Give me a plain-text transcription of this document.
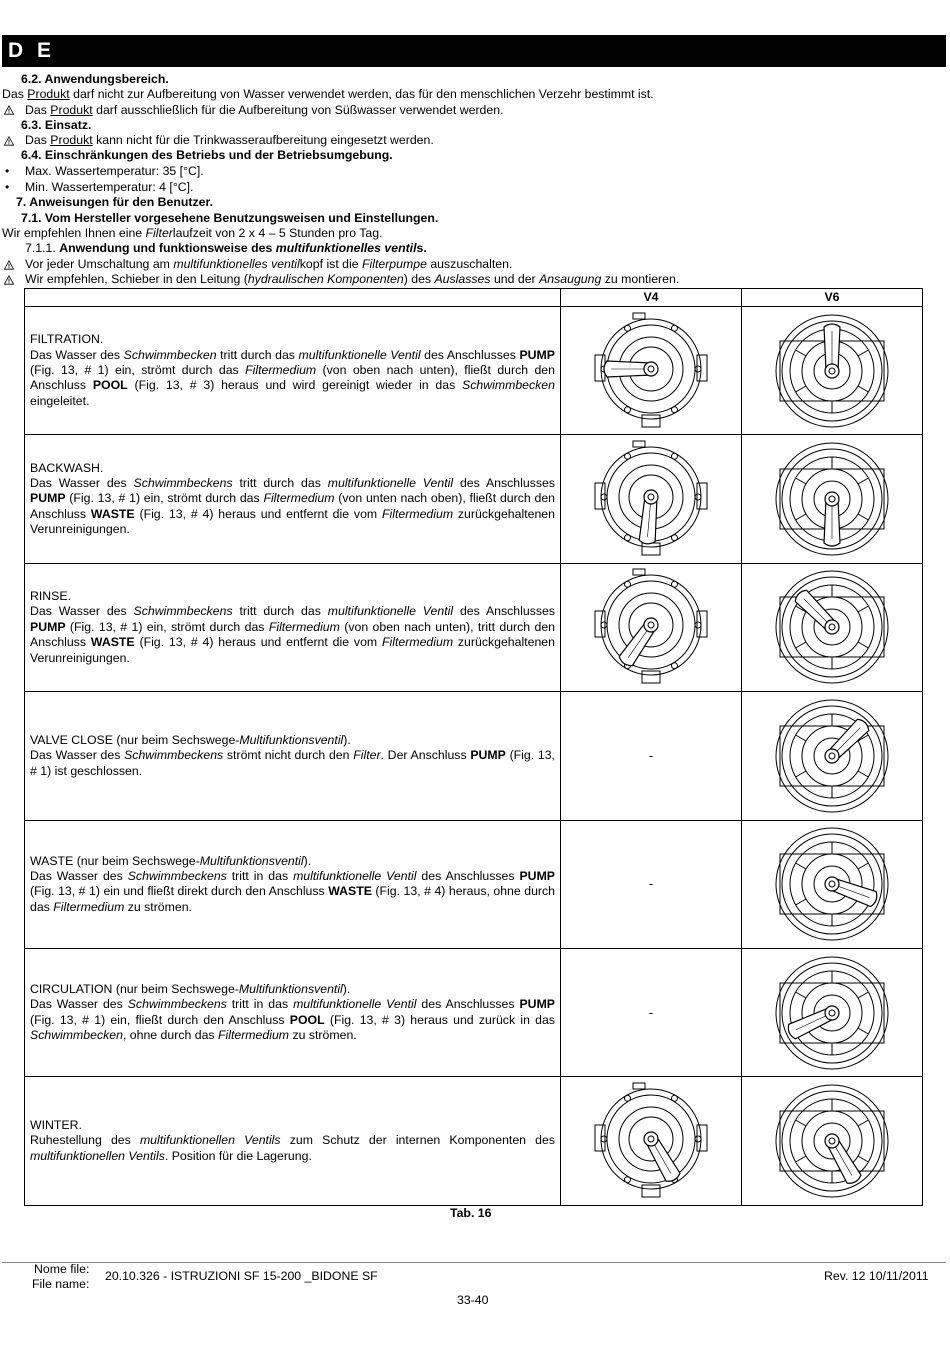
D E
6.2. Anwendungsbereich.
Das Produkt darf nicht zur Aufbereitung von Wasser verwendet werden, das für den menschlichen Verzehr bestimmt ist.
Das Produkt darf ausschließlich für die Aufbereitung von Süßwasser verwendet werden.
6.3. Einsatz.
Das Produkt kann nicht für die Trinkwasseraufbereitung eingesetzt werden.
6.4. Einschränkungen des Betriebs und der Betriebsumgebung.
• Max. Wassertemperatur: 35 [°C].
• Min. Wassertemperatur: 4 [°C].
7. Anweisungen für den Benutzer.
7.1. Vom Hersteller vorgesehene Benutzungsweisen und Einstellungen.
Wir empfehlen Ihnen eine Filterlaufzeit von 2 x 4 – 5 Stunden pro Tag.
7.1.1. Anwendung und funktionsweise des multifunktionelles ventils.
Vor jeder Umschaltung am multifunktionelles ventilkopf ist die Filterpumpe auszuschalten.
Wir empfehlen, Schieber in den Leitung (hydraulischen Komponenten) des Auslasses und der Ansaugung zu montieren.
	V4	V6

FILTRATION.

Das Wasser des Schwimmbecken tritt durch das multifunktionelle Ventil des Anschlusses PUMP (Fig. 13, # 1) ein, strömt durch das Filtermedium (von oben nach unten), fließt durch den Anschluss POOL (Fig. 13, # 3) heraus und wird gereinigt wieder in das Schwimmbecken eingeleitet.

BACKWASH.

Das Wasser des Schwimmbeckens tritt durch das multifunktionelle Ventil des Anschlusses PUMP (Fig. 13, # 1) ein, strömt durch das Filtermedium (von unten nach oben), fließt durch den Anschluss WASTE (Fig. 13, # 4) heraus und entfernt die vom Filtermedium zurückgehaltenen Verunreinigungen.

RINSE.

Das Wasser des Schwimmbeckens tritt durch das multifunktionelle Ventil des Anschlusses PUMP (Fig. 13, # 1) ein, strömt durch das Filtermedium (von oben nach unten), tritt durch den Anschluss WASTE (Fig. 13, # 4) heraus und entfernt die vom Filtermedium zurückgehaltenen Verunreinigungen.

VALVE CLOSE (nur beim Sechswege-Multifunktionsventil).

Das Wasser des Schwimmbeckens strömt nicht durch den Filter. Der Anschluss PUMP (Fig. 13, # 1) ist geschlossen.	-	

WASTE (nur beim Sechswege-Multifunktionsventil).

Das Wasser des Schwimmbeckens tritt in das multifunktionelle Ventil des Anschlusses PUMP (Fig. 13, # 1) ein und fließt direkt durch den Anschluss WASTE (Fig. 13, # 4) heraus, ohne durch das Filtermedium zu strömen.	-	

CIRCULATION (nur beim Sechswege-Multifunktionsventil).

Das Wasser des Schwimmbeckens tritt in das multifunktionelle Ventil des Anschlusses PUMP (Fig. 13, # 1) ein, fließt durch den Anschluss POOL (Fig. 13, # 3) heraus und zurück in das Schwimmbecken, ohne durch das Filtermedium zu strömen.	-	

WINTER.

Ruhestellung des multifunktionellen Ventils zum Schutz der internen Komponenten des multifunktionellen Ventils. Position für die Lagerung.

Tab. 16
Nome file:
File name:
20.10.326 - ISTRUZIONI SF 15-200 _BIDONE SF	Rev. 12 10/11/2011
33-40
